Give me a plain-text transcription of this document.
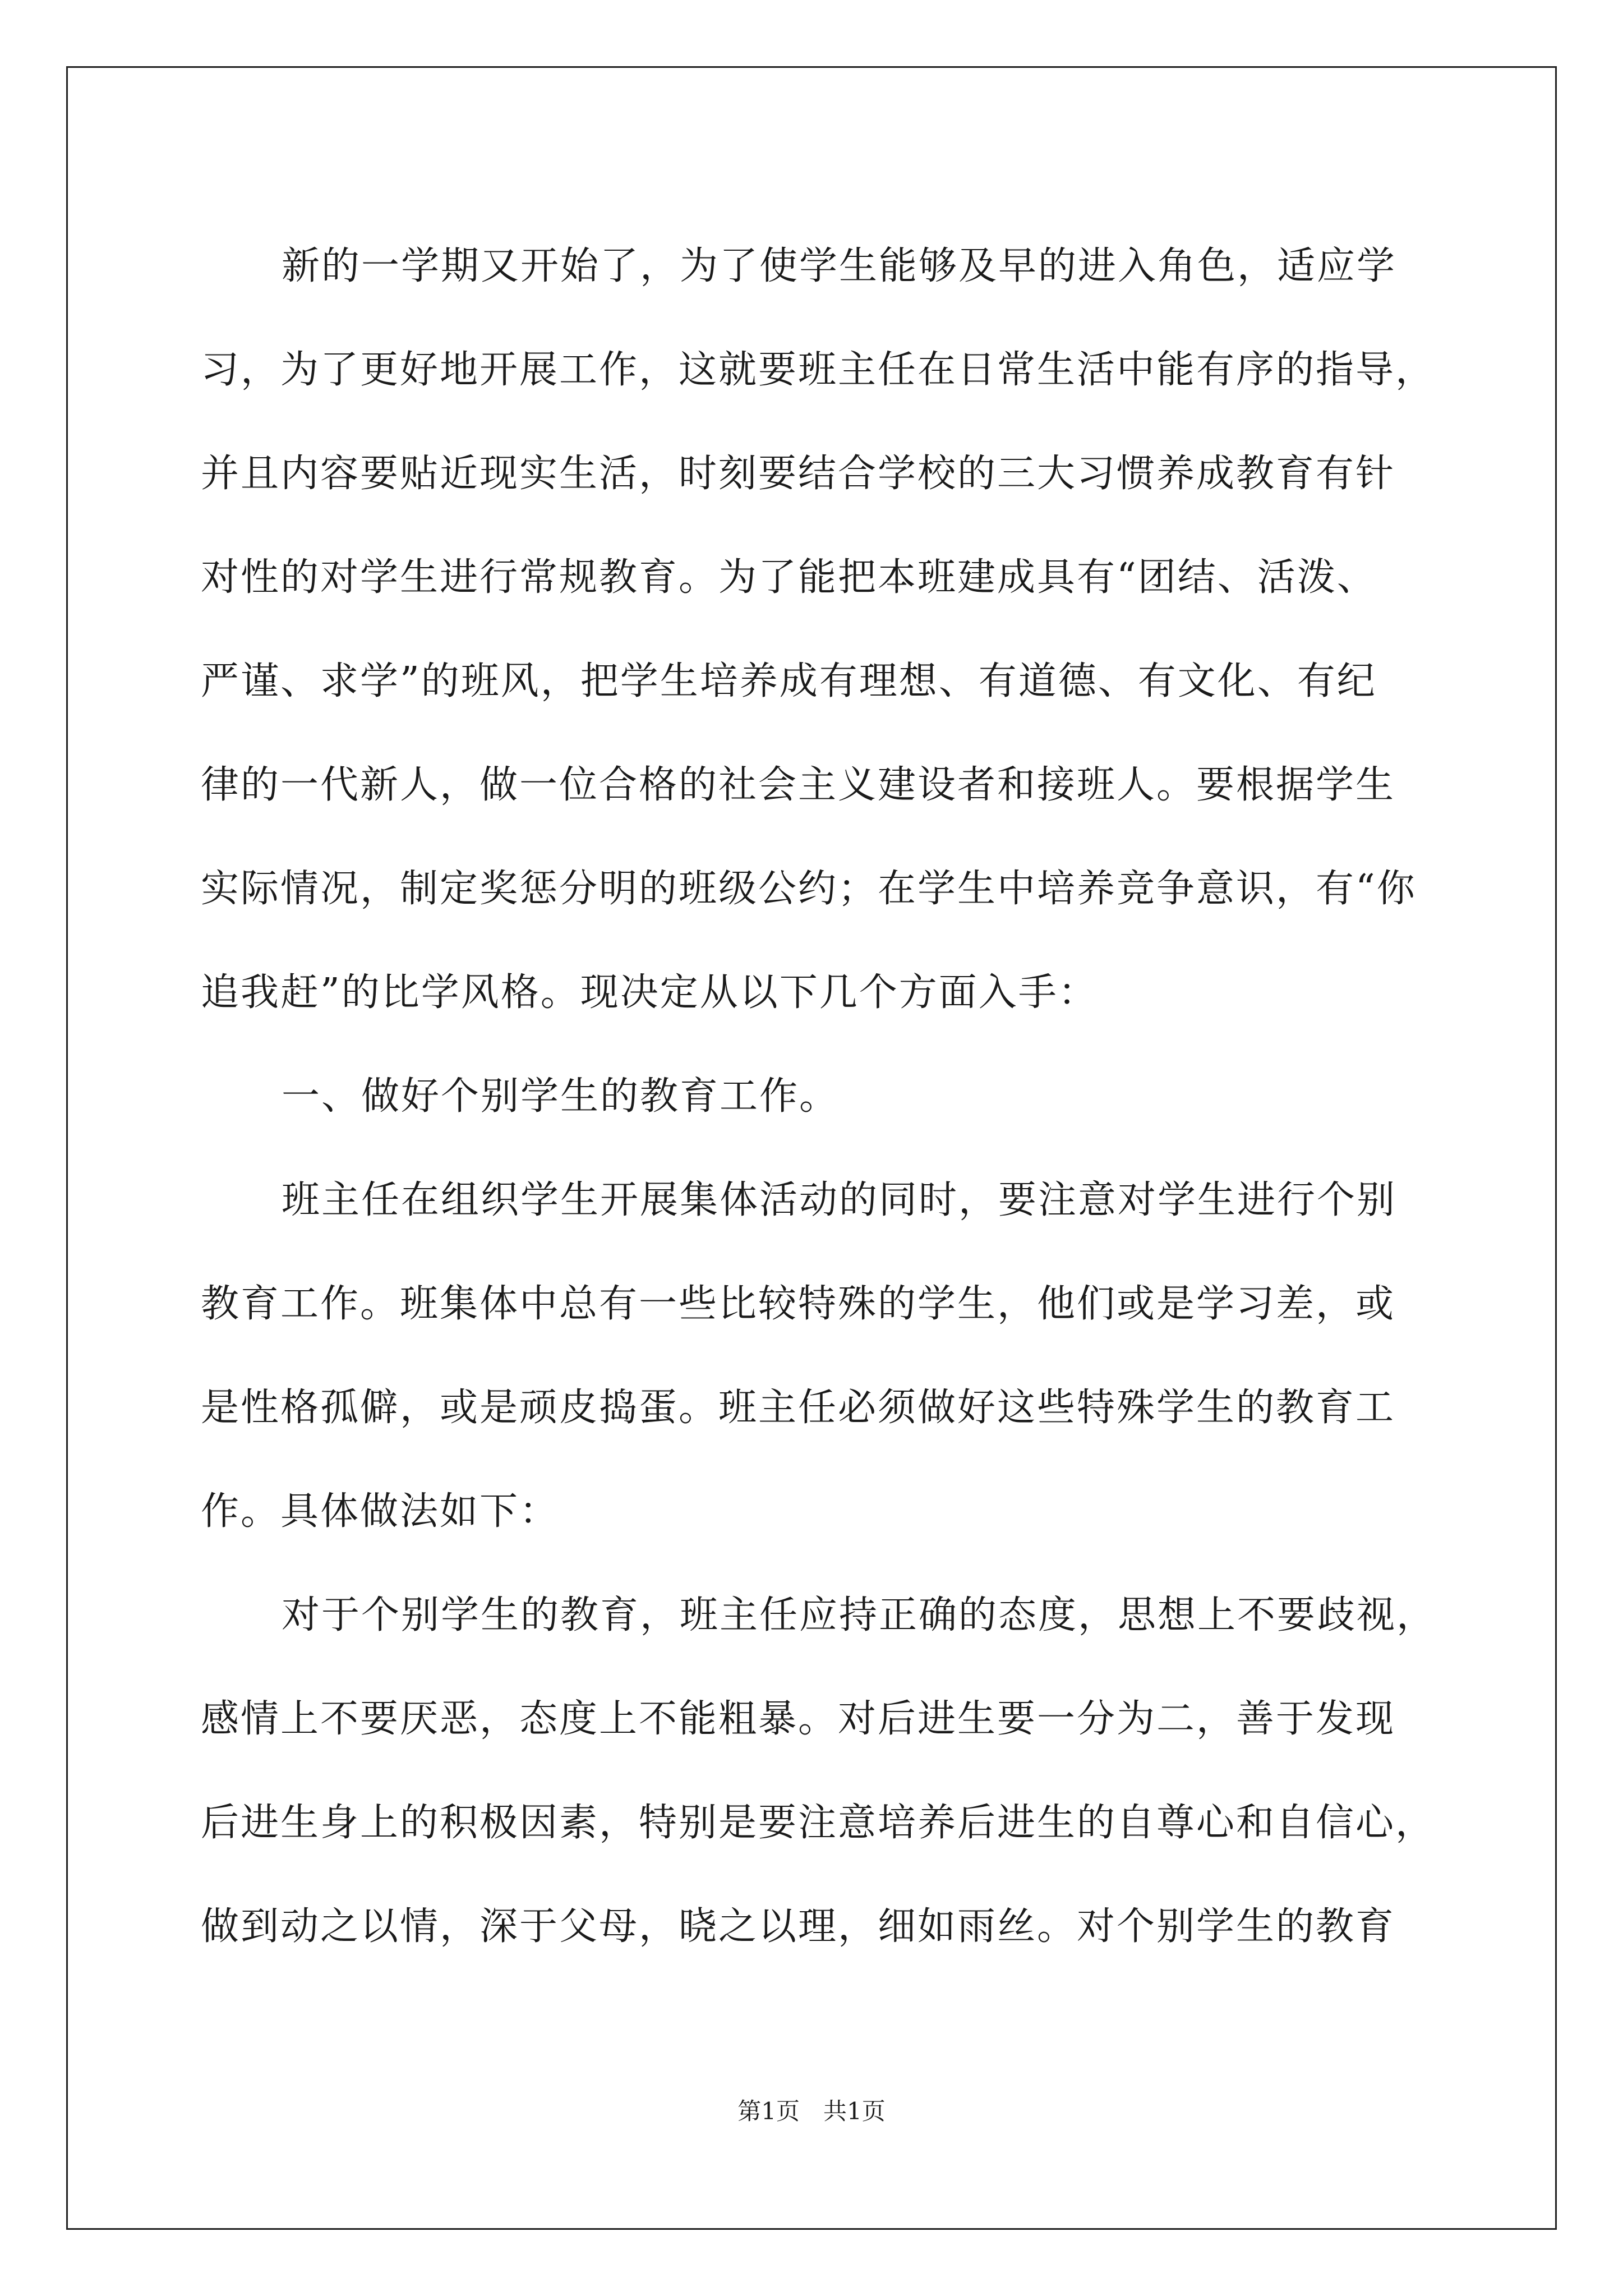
新的一学期又开始了，为了使学生能够及早的进入角色，适应学
习，为了更好地开展工作，这就要班主任在日常生活中能有序的指导，
并且内容要贴近现实生活，时刻要结合学校的三大习惯养成教育有针
对性的对学生进行常规教育。为了能把本班建成具有“团结、活泼、
严谨、求学”的班风，把学生培养成有理想、有道德、有文化、有纪
律的一代新人，做一位合格的社会主义建设者和接班人。要根据学生
实际情况，制定奖惩分明的班级公约；在学生中培养竞争意识，有“你
追我赶”的比学风格。现决定从以下几个方面入手：
一、做好个别学生的教育工作。
班主任在组织学生开展集体活动的同时，要注意对学生进行个别
教育工作。班集体中总有一些比较特殊的学生，他们或是学习差，或
是性格孤僻，或是顽皮捣蛋。班主任必须做好这些特殊学生的教育工
作。具体做法如下：
对于个别学生的教育，班主任应持正确的态度，思想上不要歧视，
感情上不要厌恶，态度上不能粗暴。对后进生要一分为二，善于发现
后进生身上的积极因素，特别是要注意培养后进生的自尊心和自信心，
做到动之以情，深于父母，晓之以理，细如雨丝。对个别学生的教育
第1页 共1页
